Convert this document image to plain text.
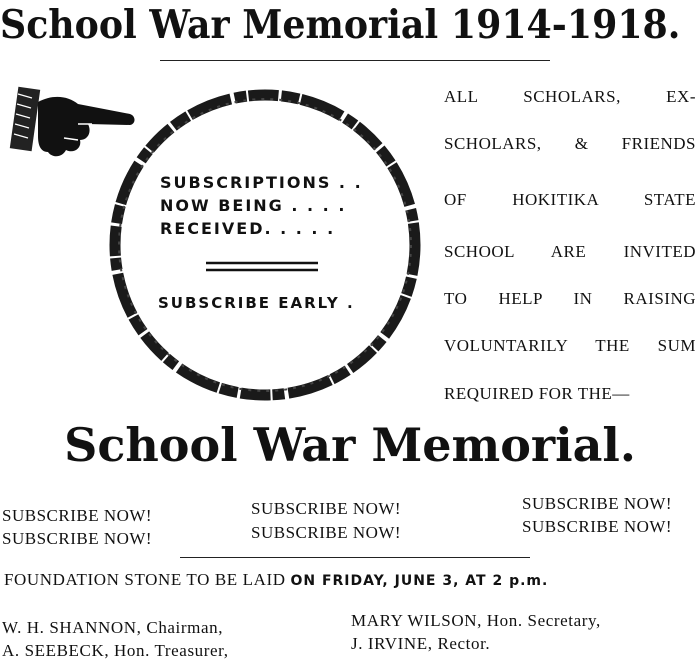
School War Memorial 1914-1918.
SUBSCRIPTIONS . .
NOW BEING . . . .
RECEIVED. . . . .
SUBSCRIBE EARLY .
ALL SCHOLARS, EX-
SCHOLARS, & FRIENDS
OF HOKITIKA STATE
SCHOOL ARE INVITED
TO HELP IN RAISING
VOLUNTARILY THE SUM
REQUIRED FOR THE—
School War Memorial.
SUBSCRIBE NOW!
SUBSCRIBE NOW!
SUBSCRIBE NOW!
SUBSCRIBE NOW!
SUBSCRIBE NOW!
SUBSCRIBE NOW!
FOUNDATION STONE TO BE LAID ON FRIDAY, JUNE 3, AT 2 p.m.
W. H. SHANNON, Chairman,
A. SEEBECK, Hon. Treasurer,
MARY WILSON, Hon. Secretary,
J. IRVINE, Rector.
